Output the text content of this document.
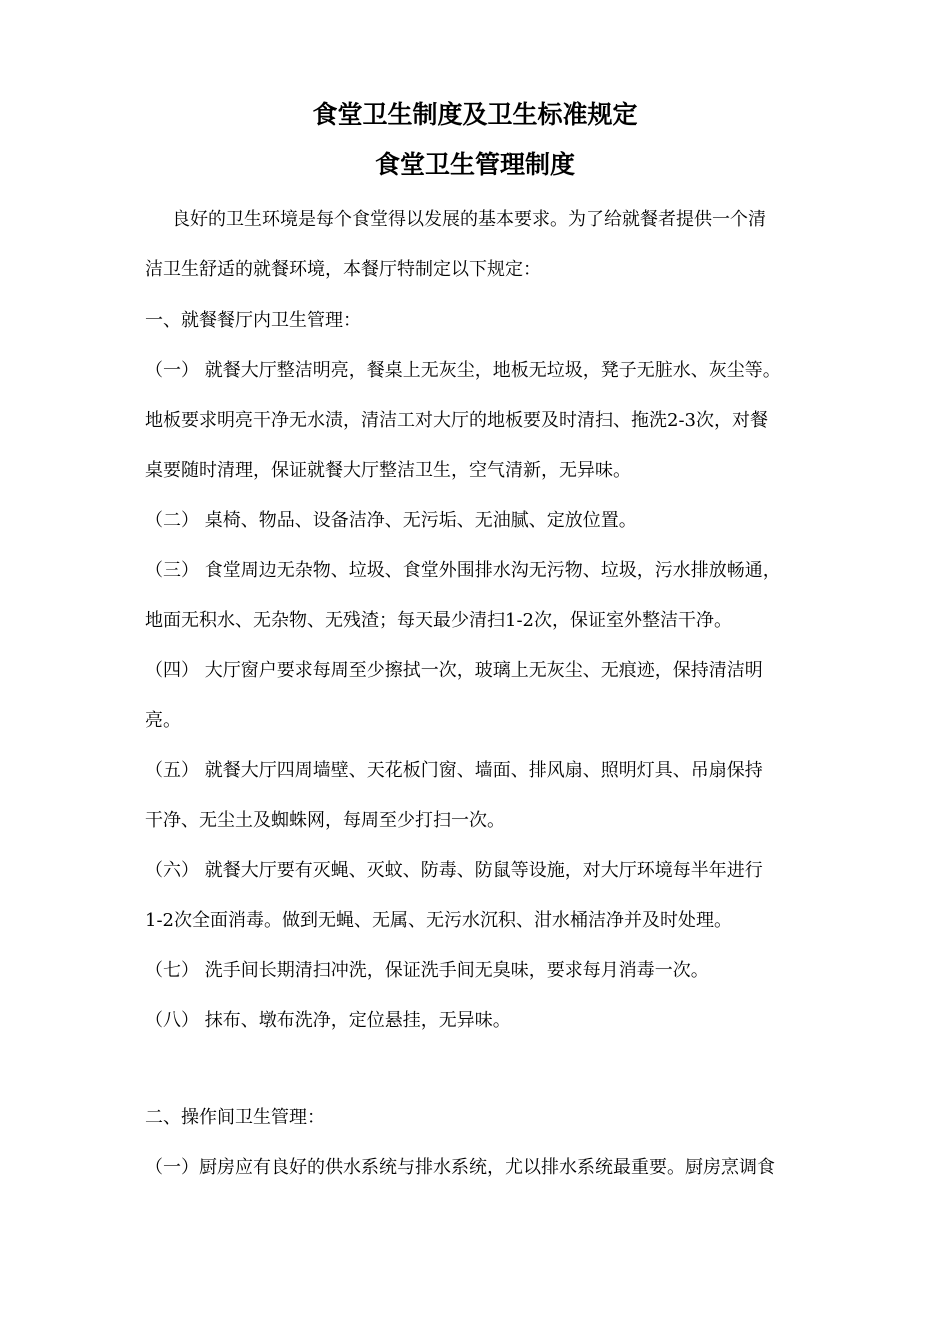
食堂卫生制度及卫生标准规定
食堂卫生管理制度

良好的卫生环境是每个食堂得以发展的基本要求。为了给就餐者提供一个清

洁卫生舒适的就餐环境，本餐厅特制定以下规定：

一、就餐餐厅内卫生管理：

（一） 就餐大厅整洁明亮，餐桌上无灰尘，地板无垃圾，凳子无脏水、灰尘等。

地板要求明亮干净无水渍，清洁工对大厅的地板要及时清扫、拖洗2-3次，对餐

桌要随时清理，保证就餐大厅整洁卫生，空气清新，无异味。

（二） 桌椅、物品、设备洁净、无污垢、无油腻、定放位置。

（三） 食堂周边无杂物、垃圾、食堂外围排水沟无污物、垃圾，污水排放畅通，

地面无积水、无杂物、无残渣；每天最少清扫1-2次，保证室外整洁干净。

（四） 大厅窗户要求每周至少擦拭一次，玻璃上无灰尘、无痕迹，保持清洁明

亮。

（五） 就餐大厅四周墙壁、天花板门窗、墙面、排风扇、照明灯具、吊扇保持

干净、无尘土及蜘蛛网，每周至少打扫一次。

（六） 就餐大厅要有灭蝇、灭蚊、防毒、防鼠等设施，对大厅环境每半年进行

1-2次全面消毒。做到无蝇、无属、无污水沉积、泔水桶洁净并及时处理。

（七） 洗手间长期清扫冲洗，保证洗手间无臭味，要求每月消毒一次。

（八） 抹布、墩布洗净，定位悬挂，无异味。

二、操作间卫生管理：

（一）厨房应有良好的供水系统与排水系统，尤以排水系统最重要。厨房烹调食
